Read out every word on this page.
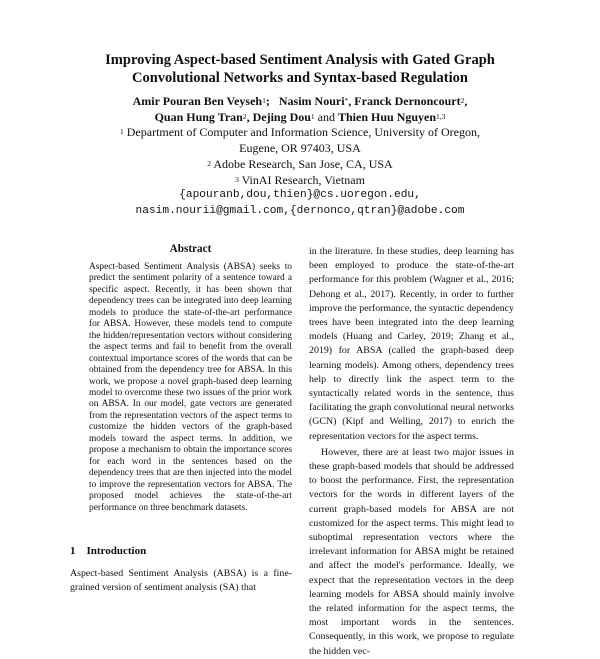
Improving Aspect-based Sentiment Analysis with Gated Graph
Convolutional Networks and Syntax-based Regulation
Amir Pouran Ben Veyseh$^1$; Nasim Nouri*, Franck Dernoncourt$^2$,
Quan Hung Tran$^2$, Dejing Dou$^1$ and Thien Huu Nguyen$^{1,3}$
$^1$ Department of Computer and Information Science, University of Oregon,
Eugene, OR 97403, USA
$^2$ Adobe Research, San Jose, CA, USA
$^3$ VinAI Research, Vietnam
{apouranb,dou,thien}@cs.uoregon.edu,
nasim.nourii@gmail.com,{dernonco,qtran}@adobe.com
Abstract

Aspect-based Sentiment Analysis (ABSA) seeks to predict the sentiment polarity of a sentence toward a specific aspect. Recently, it has been shown that dependency trees can be integrated into deep learning models to produce the state-of-the-art performance for ABSA. However, these models tend to compute the hidden/representation vectors without considering the aspect terms and fail to benefit from the overall contextual importance scores of the words that can be obtained from the dependency tree for ABSA. In this work, we propose a novel graph-based deep learning model to overcome these two issues of the prior work on ABSA. In our model, gate vectors are generated from the representation vectors of the aspect terms to customize the hidden vectors of the graph-based models toward the aspect terms. In addition, we propose a mechanism to obtain the importance scores for each word in the sentences based on the dependency trees that are then injected into the model to improve the representation vectors for ABSA. The proposed model achieves the state-of-the-art performance on three benchmark datasets.

1 Introduction

Aspect-based Sentiment Analysis (ABSA) is a fine-grained version of sentiment analysis (SA) that

in the literature. In these studies, deep learning has been employed to produce the state-of-the-art performance for this problem (Wagner et al., 2016; Dehong et al., 2017). Recently, in order to further improve the performance, the syntactic dependency trees have been integrated into the deep learning models (Huang and Carley, 2019; Zhang et al., 2019) for ABSA (called the graph-based deep learning models). Among others, dependency trees help to directly link the aspect term to the syntactically related words in the sentence, thus facilitating the graph convolutional neural networks (GCN) (Kipf and Welling, 2017) to enrich the representation vectors for the aspect terms.

However, there are at least two major issues in these graph-based models that should be addressed to boost the performance. First, the representation vectors for the words in different layers of the current graph-based models for ABSA are not customized for the aspect terms. This might lead to suboptimal representation vectors where the irrelevant information for ABSA might be retained and affect the model's performance. Ideally, we expect that the representation vectors in the deep learning models for ABSA should mainly involve the related information for the aspect terms, the most important words in the sentences. Consequently, in this work, we propose to regulate the hidden vec-
